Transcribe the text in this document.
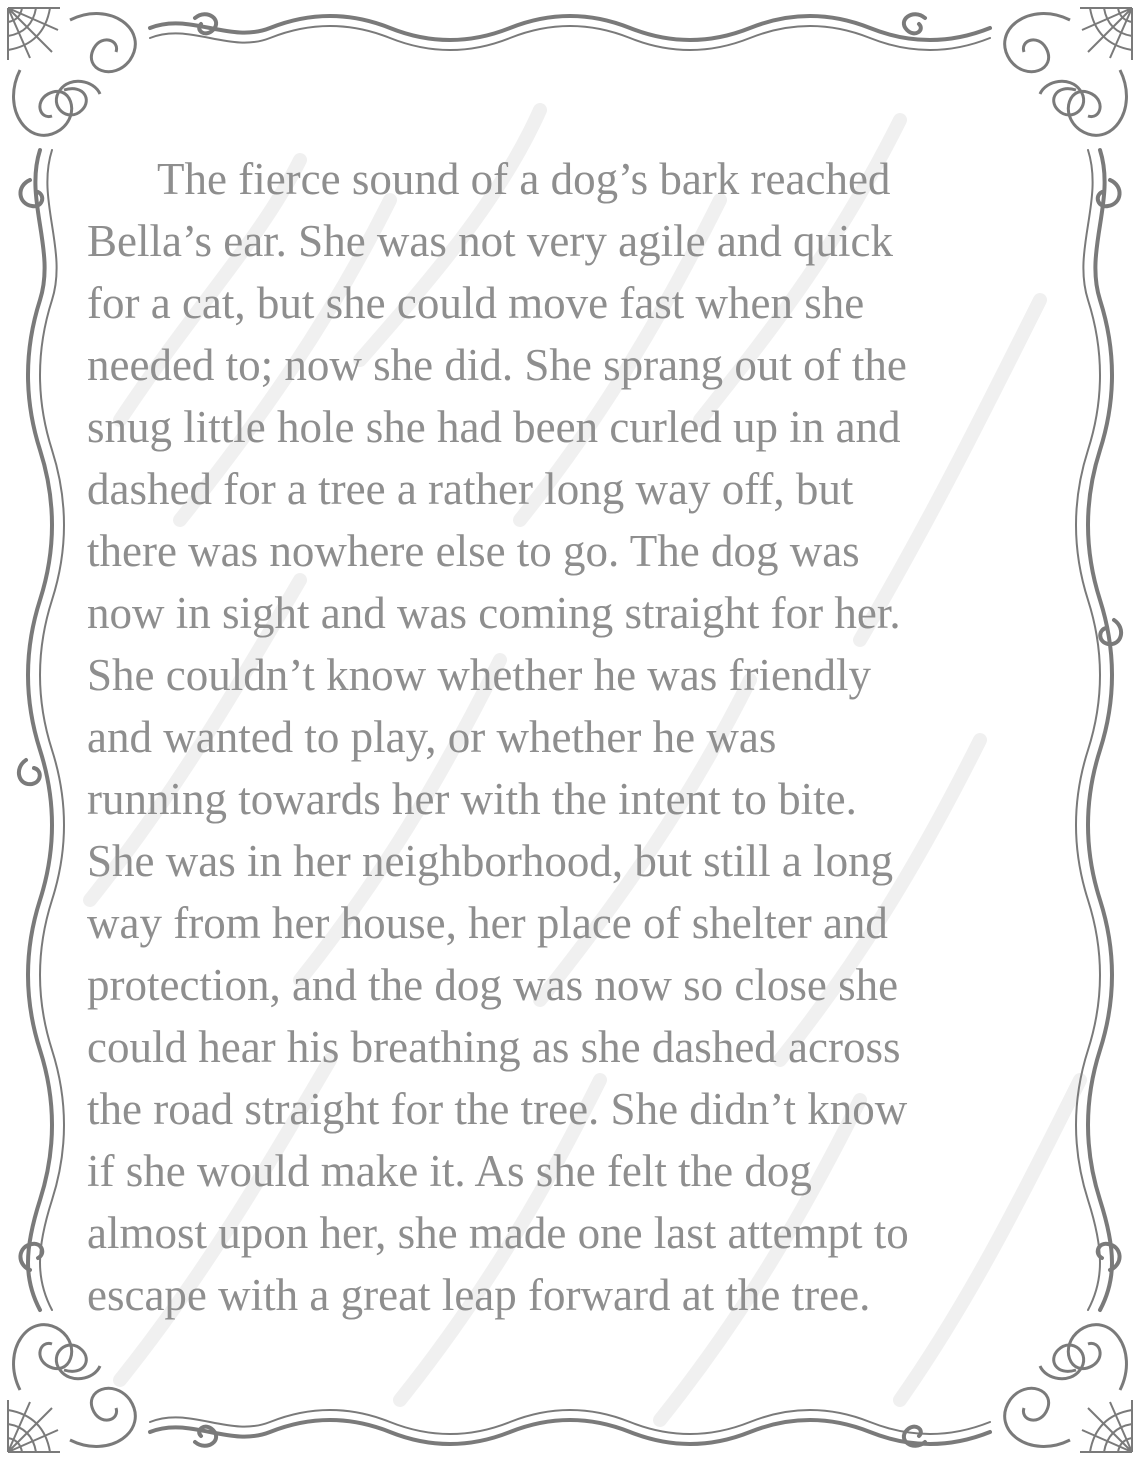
The fierce sound of a dog’s bark reached
Bella’s ear. She was not very agile and quick
for a cat, but she could move fast when she
needed to; now she did. She sprang out of the
snug little hole she had been curled up in and
dashed for a tree a rather long way off, but
there was nowhere else to go. The dog was
now in sight and was coming straight for her.
She couldn’t know whether he was friendly
and wanted to play, or whether he was
running towards her with the intent to bite.
She was in her neighborhood, but still a long
way from her house, her place of shelter and
protection, and the dog was now so close she
could hear his breathing as she dashed across
the road straight for the tree. She didn’t know
if she would make it. As she felt the dog
almost upon her, she made one last attempt to
escape with a great leap forward at the tree.
